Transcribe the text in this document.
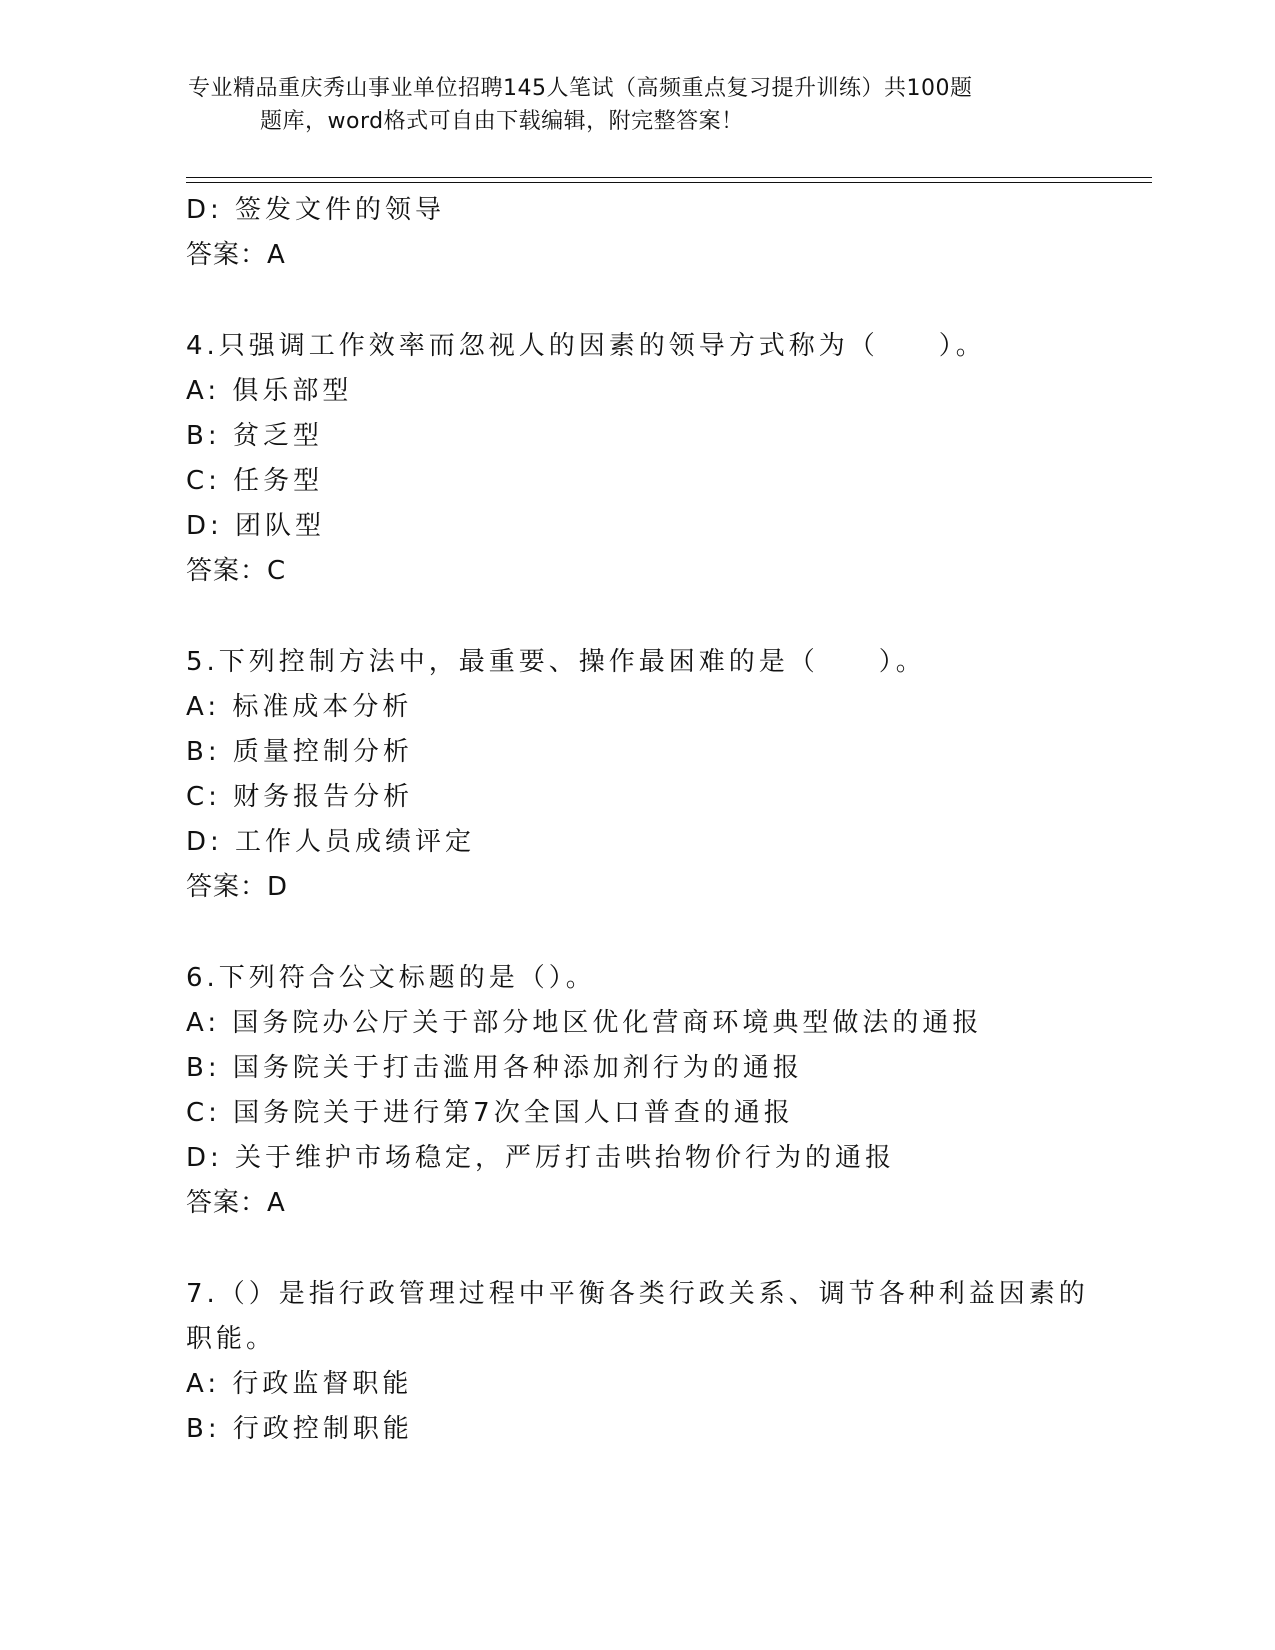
专业精品重庆秀山事业单位招聘145人笔试（高频重点复习提升训练）共100题
题库，word格式可自由下载编辑，附完整答案！
D: 签发文件的领导
答案：A
4.只强调工作效率而忽视人的因素的领导方式称为（　　）。
A: 俱乐部型
B: 贫乏型
C: 任务型
D: 团队型
答案：C
5.下列控制方法中，最重要、操作最困难的是（　　）。
A: 标准成本分析
B: 质量控制分析
C: 财务报告分析
D: 工作人员成绩评定
答案：D
6.下列符合公文标题的是（）。
A: 国务院办公厅关于部分地区优化营商环境典型做法的通报
B: 国务院关于打击滥用各种添加剂行为的通报
C: 国务院关于进行第7次全国人口普查的通报
D: 关于维护市场稳定，严厉打击哄抬物价行为的通报
答案：A
7.（）是指行政管理过程中平衡各类行政关系、调节各种利益因素的
职能。
A: 行政监督职能
B: 行政控制职能
